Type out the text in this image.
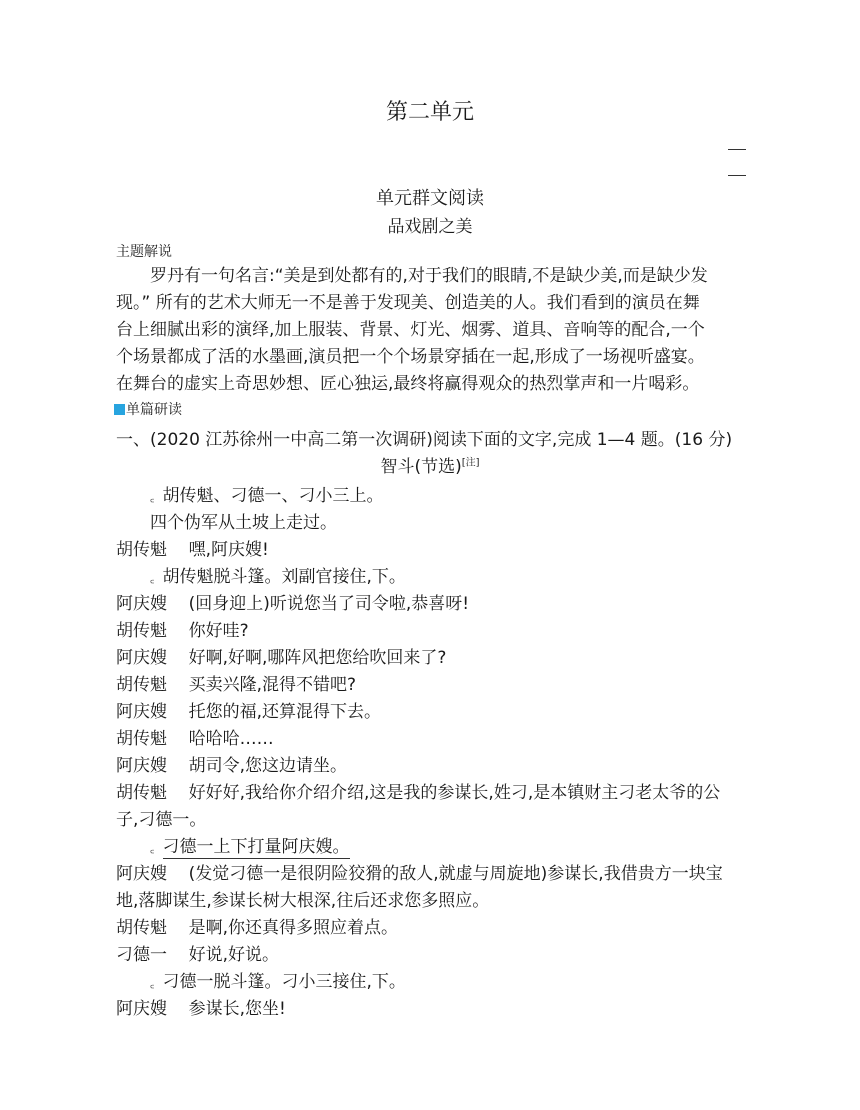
第二单元
单元群文阅读
品戏剧之美
主题解说
罗丹有一句名言:“美是到处都有的,对于我们的眼睛,不是缺少美,而是缺少发
现。” 所有的艺术大师无一不是善于发现美、创造美的人。我们看到的演员在舞
台上细腻出彩的演绎,加上服装、背景、灯光、烟雾、道具、音响等的配合,一个
个场景都成了活的水墨画,演员把一个个场景穿插在一起,形成了一场视听盛宴。
在舞台的虚实上奇思妙想、匠心独运,最终将赢得观众的热烈掌声和一片喝彩。
单篇研读
一、(2020 江苏徐州一中高二第一次调研)阅读下面的文字,完成 1—4 题。(16 分)
智斗(节选)[注]
꜀ 胡传魁、刁德一、刁小三上。
四个伪军从土坡上走过。
胡传魁 嘿,阿庆嫂!
꜀ 胡传魁脱斗篷。刘副官接住,下。
阿庆嫂 (回身迎上)听说您当了司令啦,恭喜呀!
胡传魁 你好哇?
阿庆嫂 好啊,好啊,哪阵风把您给吹回来了?
胡传魁 买卖兴隆,混得不错吧?
阿庆嫂 托您的福,还算混得下去。
胡传魁 哈哈哈……
阿庆嫂 胡司令,您这边请坐。
胡传魁 好好好,我给你介绍介绍,这是我的参谋长,姓刁,是本镇财主刁老太爷的公
子,刁德一。
꜀ 刁德一上下打量阿庆嫂。
阿庆嫂 (发觉刁德一是很阴险狡猾的敌人,就虚与周旋地)参谋长,我借贵方一块宝
地,落脚谋生,参谋长树大根深,往后还求您多照应。
胡传魁 是啊,你还真得多照应着点。
刁德一 好说,好说。
꜀ 刁德一脱斗篷。刁小三接住,下。
阿庆嫂 参谋长,您坐!
